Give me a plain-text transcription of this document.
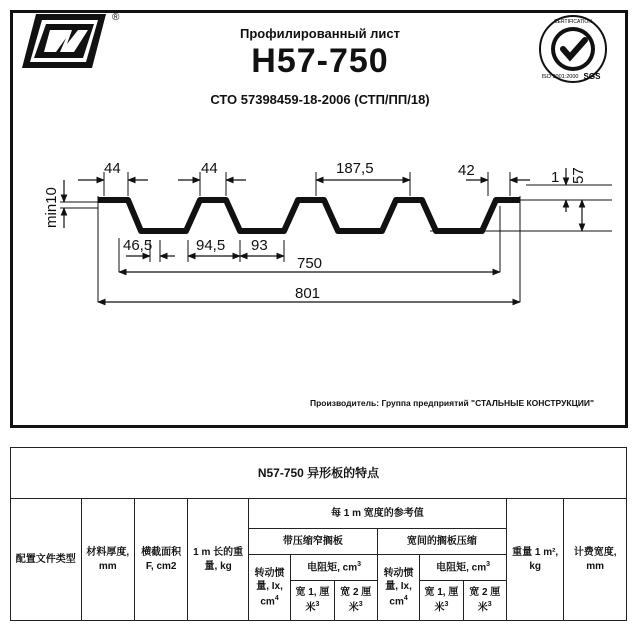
®
Профилированный лист
Н57-750
СТО 57398459-18-2006 (СТП/ПП/18)
CERTIFICATION
ISO 9001:2000 SGS
44	44	187,5	42	1 57
min10
46,5	94,5 93
750
801
Производитель: Группа предприятий "СТАЛЬНЫЕ КОНСТРУКЦИИ"
N57-750 异形板的特点											
配置文件类型	材料厚度, mm	横截面积 F, cm2	1 m 长的重量, kg	每 1 m 宽度的参考值						重量 1 m², kg	计费宽度, mm
				带压缩窄搁板			宽间的搁板压缩				
				转动惯量, Ix, $cm^4$	电阻矩, $cm^3$		转动惯量, Ix, $cm^4$	电阻矩, $cm^3$
					宽 1, 厘米$^3$	宽 2 厘米$^3$		宽 1, 厘米$^3$	宽 2 厘米$^3$
